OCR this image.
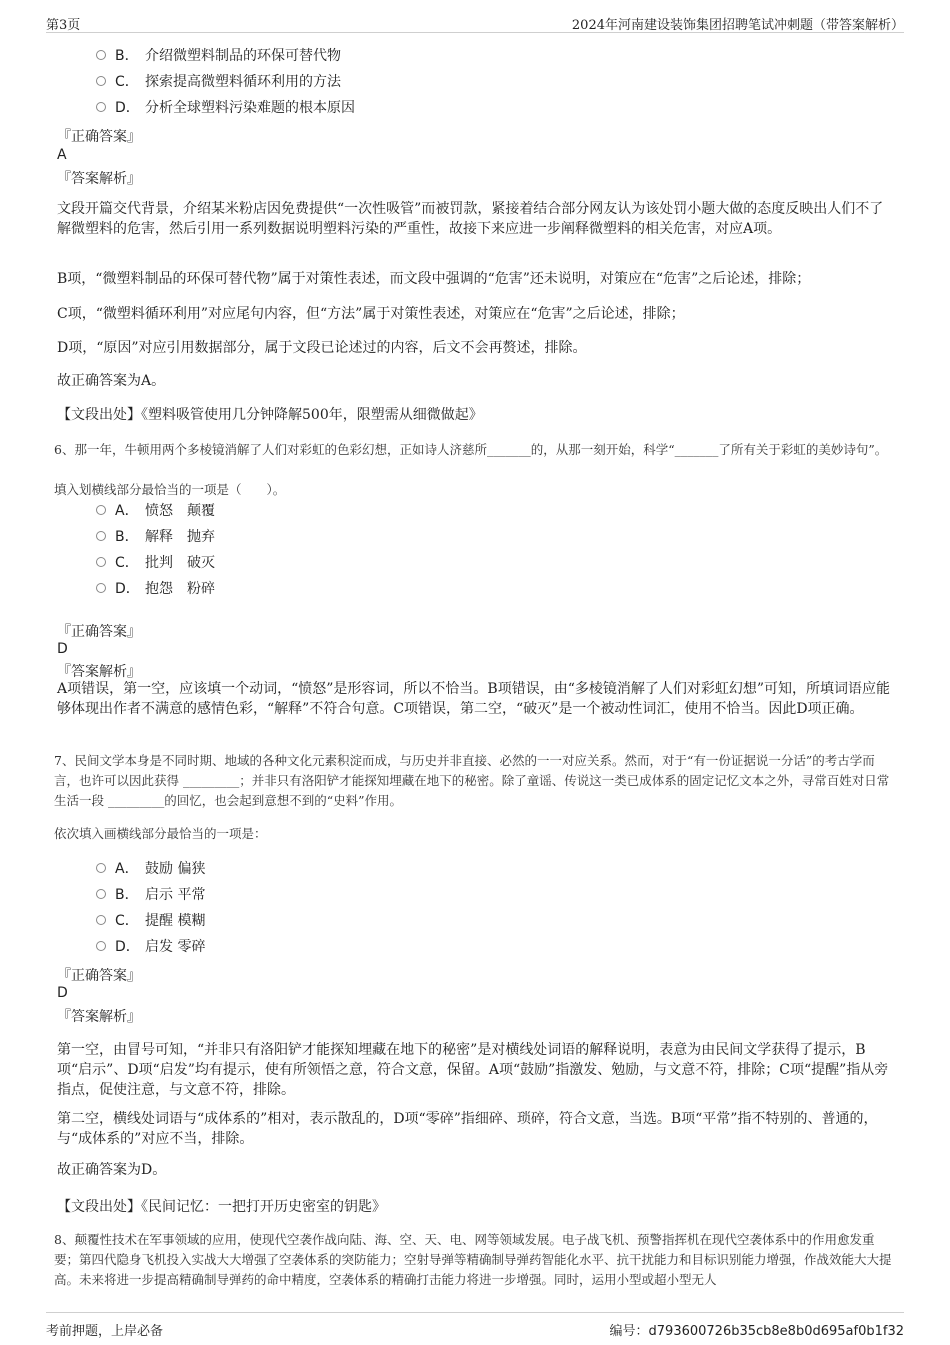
第3页	2024年河南建设装饰集团招聘笔试冲刺题（带答案解析）
B． 介绍微塑料制品的环保可替代物
C． 探索提高微塑料循环利用的方法
D． 分析全球塑料污染难题的根本原因
『正确答案』
A
『答案解析』
文段开篇交代背景，介绍某米粉店因免费提供“一次性吸管”而被罚款，紧接着结合部分网友认为该处罚小题大做的态度反映出人们不了解微塑料的危害，然后引用一系列数据说明塑料污染的严重性，故接下来应进一步阐释微塑料的相关危害，对应A项。
B项，“微塑料制品的环保可替代物”属于对策性表述，而文段中强调的“危害”还未说明，对策应在“危害”之后论述，排除；
C项，“微塑料循环利用”对应尾句内容，但“方法”属于对策性表述，对策应在“危害”之后论述，排除；
D项，“原因”对应引用数据部分，属于文段已论述过的内容，后文不会再赘述，排除。
故正确答案为A。
【文段出处】《塑料吸管使用几分钟降解500年，限塑需从细微做起》
6、那一年，牛顿用两个多棱镜消解了人们对彩虹的色彩幻想，正如诗人济慈所_______的，从那一刻开始，科学“_______了所有关于彩虹的美妙诗句”。
填入划横线部分最恰当的一项是（　　）。
A． 愤怒　颠覆
B． 解释　抛弃
C． 批判　破灭
D． 抱怨　粉碎
『正确答案』
D
『答案解析』
A项错误，第一空，应该填一个动词，“愤怒”是形容词，所以不恰当。B项错误，由“多棱镜消解了人们对彩虹幻想”可知，所填词语应能够体现出作者不满意的感情色彩，“解释”不符合句意。C项错误，第二空，“破灭”是一个被动性词汇，使用不恰当。因此D项正确。
7、民间文学本身是不同时期、地域的各种文化元素积淀而成，与历史并非直接、必然的一一对应关系。然而，对于“有一份证据说一分话”的考古学而言，也许可以因此获得 _________；并非只有洛阳铲才能探知埋藏在地下的秘密。除了童谣、传说这一类已成体系的固定记忆文本之外，寻常百姓对日常生活一段 _________的回忆，也会起到意想不到的“史料”作用。
依次填入画横线部分最恰当的一项是：
A． 鼓励 偏狭
B． 启示 平常
C． 提醒 模糊
D． 启发 零碎
『正确答案』
D
『答案解析』
第一空，由冒号可知，“并非只有洛阳铲才能探知埋藏在地下的秘密”是对横线处词语的解释说明，表意为由民间文学获得了提示，B项“启示”、D项“启发”均有提示，使有所领悟之意，符合文意，保留。A项“鼓励”指激发、勉励，与文意不符，排除；C项“提醒”指从旁指点，促使注意，与文意不符，排除。
第二空，横线处词语与“成体系的”相对，表示散乱的，D项“零碎”指细碎、琐碎，符合文意，当选。B项“平常”指不特别的、普通的，与“成体系的”对应不当，排除。
故正确答案为D。
【文段出处】《民间记忆：一把打开历史密室的钥匙》
8、颠覆性技术在军事领域的应用，使现代空袭作战向陆、海、空、天、电、网等领域发展。电子战飞机、预警指挥机在现代空袭体系中的作用愈发重要；第四代隐身飞机投入实战大大增强了空袭体系的突防能力；空射导弹等精确制导弹药智能化水平、抗干扰能力和目标识别能力增强，作战效能大大提高。未来将进一步提高精确制导弹药的命中精度，空袭体系的精确打击能力将进一步增强。同时，运用小型或超小型无人
考前押题，上岸必备	编号：d793600726b35cb8e8b0d695af0b1f32
